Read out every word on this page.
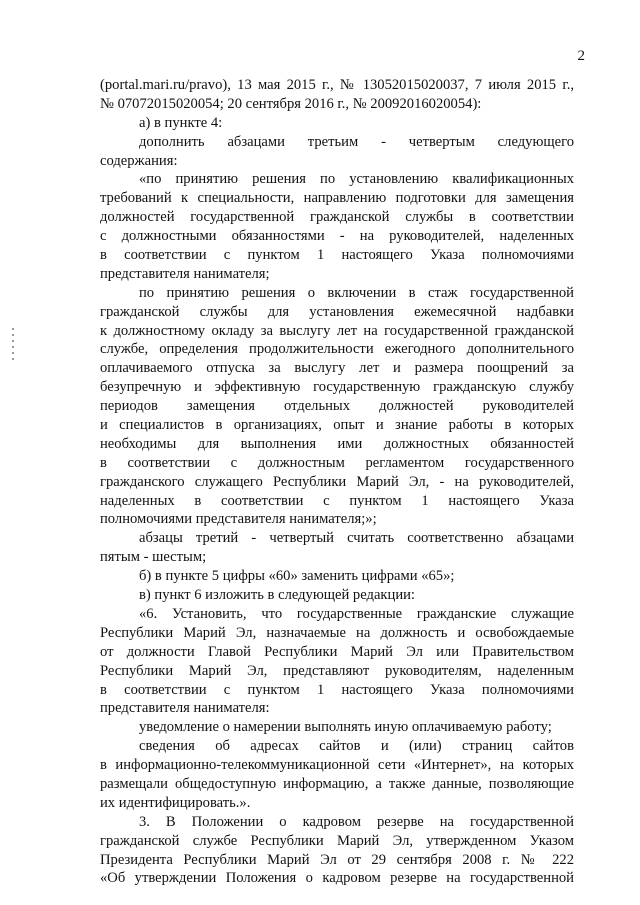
2
(portal.mari.ru/pravo), 13 мая 2015 г., № 13052015020037, 7 июля 2015 г.,
№ 07072015020054; 20 сентября 2016 г., № 20092016020054):
а) в пункте 4:
дополнить абзацами третьим - четвертым следующего
содержания:
«по принятию решения по установлению квалификационных
требований к специальности, направлению подготовки для замещения
должностей государственной гражданской службы в соответствии
с должностными обязанностями - на руководителей, наделенных
в соответствии с пунктом 1 настоящего Указа полномочиями
представителя нанимателя;
по принятию решения о включении в стаж государственной
гражданской службы для установления ежемесячной надбавки
к должностному окладу за выслугу лет на государственной гражданской
службе, определения продолжительности ежегодного дополнительного
оплачиваемого отпуска за выслугу лет и размера поощрений за
безупречную и эффективную государственную гражданскую службу
периодов замещения отдельных должностей руководителей
и специалистов в организациях, опыт и знание работы в которых
необходимы для выполнения ими должностных обязанностей
в соответствии с должностным регламентом государственного
гражданского служащего Республики Марий Эл, - на руководителей,
наделенных в соответствии с пунктом 1 настоящего Указа
полномочиями представителя нанимателя;»;
абзацы третий - четвертый считать соответственно абзацами
пятым - шестым;
б) в пункте 5 цифры «60» заменить цифрами «65»;
в) пункт 6 изложить в следующей редакции:
«6. Установить, что государственные гражданские служащие
Республики Марий Эл, назначаемые на должность и освобождаемые
от должности Главой Республики Марий Эл или Правительством
Республики Марий Эл, представляют руководителям, наделенным
в соответствии с пунктом 1 настоящего Указа полномочиями
представителя нанимателя:
уведомление о намерении выполнять иную оплачиваемую работу;
сведения об адресах сайтов и (или) страниц сайтов
в информационно-телекоммуникационной сети «Интернет», на которых
размещали общедоступную информацию, а также данные, позволяющие
их идентифицировать.».
3. В Положении о кадровом резерве на государственной
гражданской службе Республики Марий Эл, утвержденном Указом
Президента Республики Марий Эл от 29 сентября 2008 г. № 222
«Об утверждении Положения о кадровом резерве на государственной
